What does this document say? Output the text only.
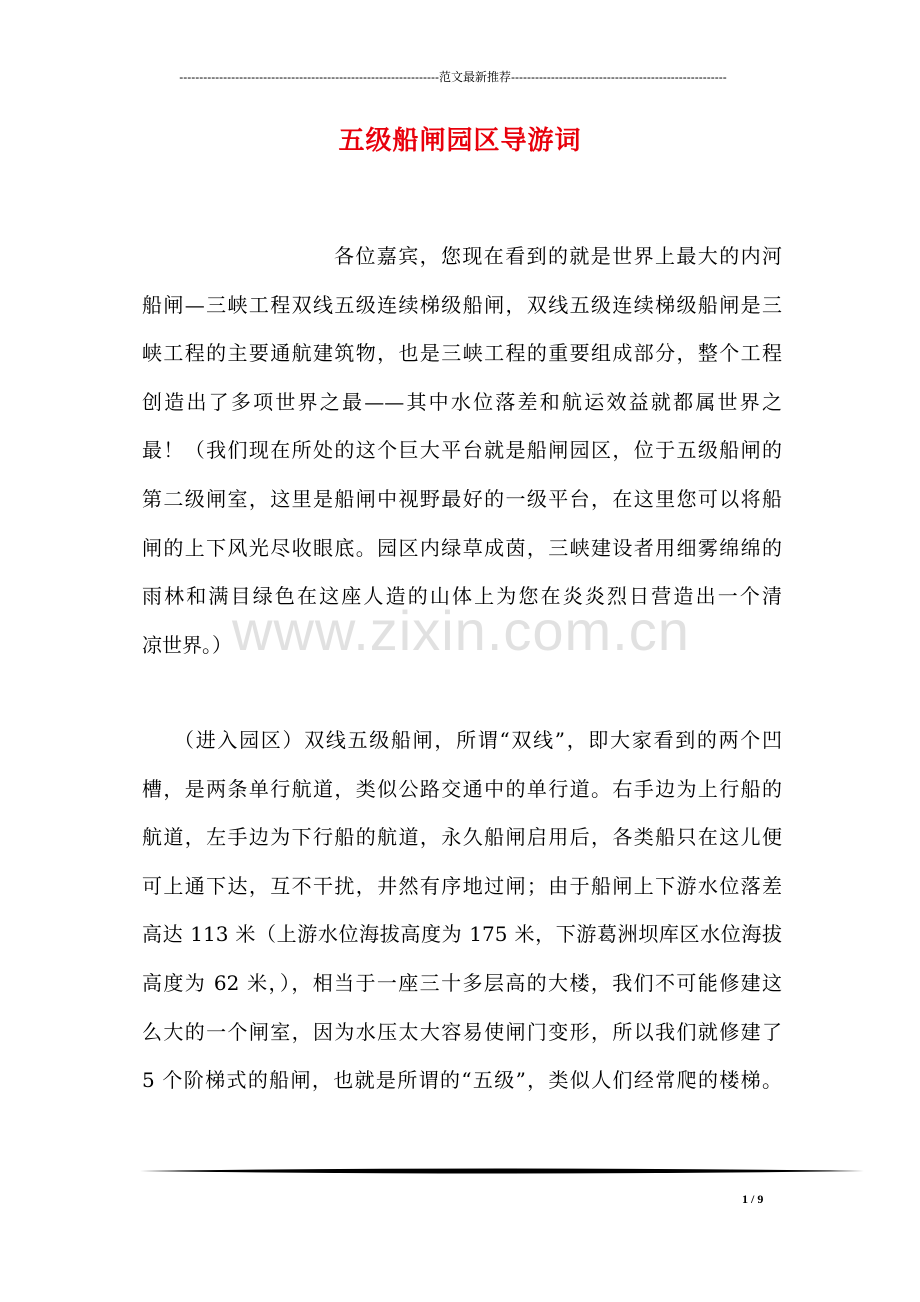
-----------------------------------------------------------------范文最新推荐------------------------------------------------------
五级船闸园区导游词
各位嘉宾，您现在看到的就是世界上最大的内河
船闸—三峡工程双线五级连续梯级船闸，双线五级连续梯级船闸是三
峡工程的主要通航建筑物，也是三峡工程的重要组成部分，整个工程
创造出了多项世界之最——其中水位落差和航运效益就都属世界之
最！（我们现在所处的这个巨大平台就是船闸园区，位于五级船闸的
第二级闸室，这里是船闸中视野最好的一级平台，在这里您可以将船
闸的上下风光尽收眼底。园区内绿草成茵，三峡建设者用细雾绵绵的
雨林和满目绿色在这座人造的山体上为您在炎炎烈日营造出一个清
凉世界。） www.zixin.com.cn
（进入园区）双线五级船闸，所谓“双线”，即大家看到的两个凹
槽，是两条单行航道，类似公路交通中的单行道。右手边为上行船的
航道，左手边为下行船的航道，永久船闸启用后，各类船只在这儿便
可上通下达，互不干扰，井然有序地过闸；由于船闸上下游水位落差
高达 113 米（上游水位海拔高度为 175 米，下游葛洲坝库区水位海拔
高度为 62 米，），相当于一座三十多层高的大楼，我们不可能修建这
么大的一个闸室，因为水压太大容易使闸门变形，所以我们就修建了
5 个阶梯式的船闸，也就是所谓的“五级”，类似人们经常爬的楼梯。
1 / 9
